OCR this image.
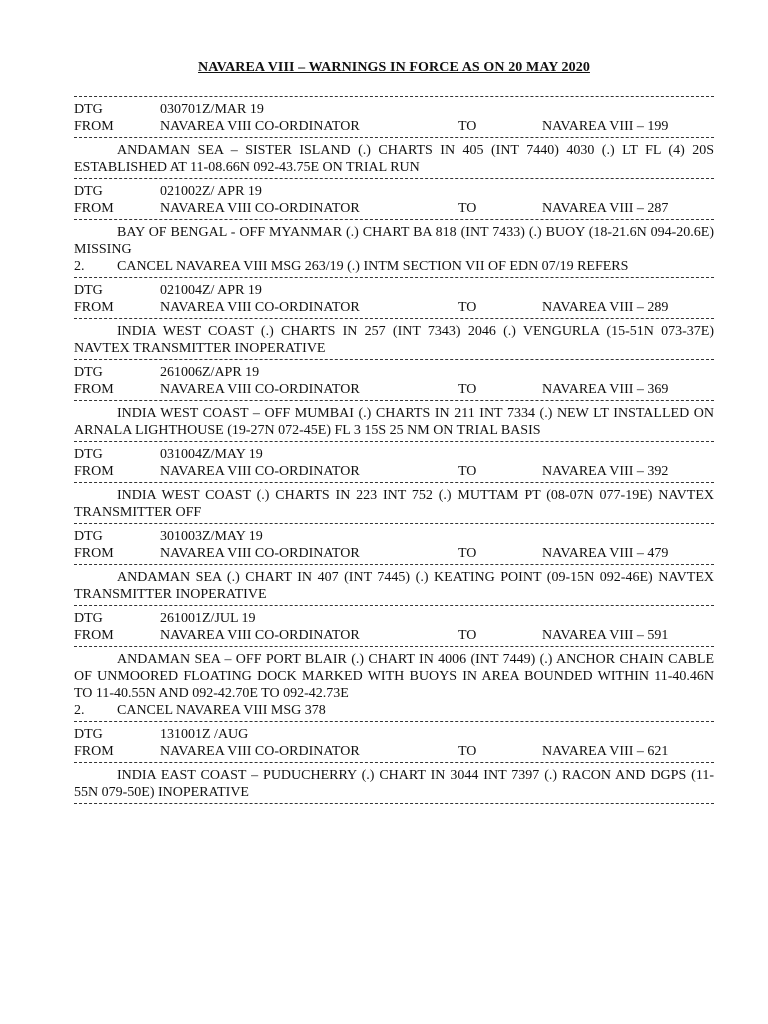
NAVAREA VIII – WARNINGS IN FORCE AS ON 20 MAY 2020
DTG	030701Z/MAR 19
FROM	NAVAREA VIII CO-ORDINATOR	TO	NAVAREA VIII – 199

ANDAMAN SEA – SISTER ISLAND (.) CHARTS IN 405 (INT 7440) 4030 (.) LT FL (4) 20S ESTABLISHED AT 11-08.66N 092-43.75E ON TRIAL RUN

DTG	021002Z/ APR 19
FROM	NAVAREA VIII CO-ORDINATOR	TO	NAVAREA VIII – 287

BAY OF BENGAL - OFF MYANMAR (.) CHART BA 818 (INT 7433) (.) BUOY (18-21.6N 094-20.6E) MISSING

2.	CANCEL NAVAREA VIII MSG 263/19 (.) INTM SECTION VII OF EDN 07/19 REFERS
DTG	021004Z/ APR 19
FROM	NAVAREA VIII CO-ORDINATOR	TO	NAVAREA VIII – 289

INDIA WEST COAST (.) CHARTS IN 257 (INT 7343) 2046 (.) VENGURLA (15-51N 073-37E) NAVTEX TRANSMITTER INOPERATIVE

DTG	261006Z/APR 19
FROM	NAVAREA VIII CO-ORDINATOR	TO	NAVAREA VIII – 369

INDIA WEST COAST – OFF MUMBAI (.) CHARTS IN 211 INT 7334 (.) NEW LT INSTALLED ON ARNALA LIGHTHOUSE (19-27N 072-45E) FL 3 15S 25 NM ON TRIAL BASIS

DTG	031004Z/MAY 19
FROM	NAVAREA VIII CO-ORDINATOR	TO	NAVAREA VIII – 392

INDIA WEST COAST (.) CHARTS IN 223 INT 752 (.) MUTTAM PT (08-07N 077-19E) NAVTEX TRANSMITTER OFF

DTG	301003Z/MAY 19
FROM	NAVAREA VIII CO-ORDINATOR	TO	NAVAREA VIII – 479

ANDAMAN SEA (.) CHART IN 407 (INT 7445) (.) KEATING POINT (09-15N 092-46E) NAVTEX TRANSMITTER INOPERATIVE

DTG	261001Z/JUL 19
FROM	NAVAREA VIII CO-ORDINATOR	TO	NAVAREA VIII – 591

ANDAMAN SEA – OFF PORT BLAIR (.) CHART IN 4006 (INT 7449) (.) ANCHOR CHAIN CABLE OF UNMOORED FLOATING DOCK MARKED WITH BUOYS IN AREA BOUNDED WITHIN 11-40.46N TO 11-40.55N AND 092-42.70E TO 092-42.73E

2.	CANCEL NAVAREA VIII MSG 378
DTG	131001Z /AUG
FROM	NAVAREA VIII CO-ORDINATOR	TO	NAVAREA VIII – 621

INDIA EAST COAST – PUDUCHERRY (.) CHART IN 3044 INT 7397 (.) RACON AND DGPS (11-55N 079-50E) INOPERATIVE
